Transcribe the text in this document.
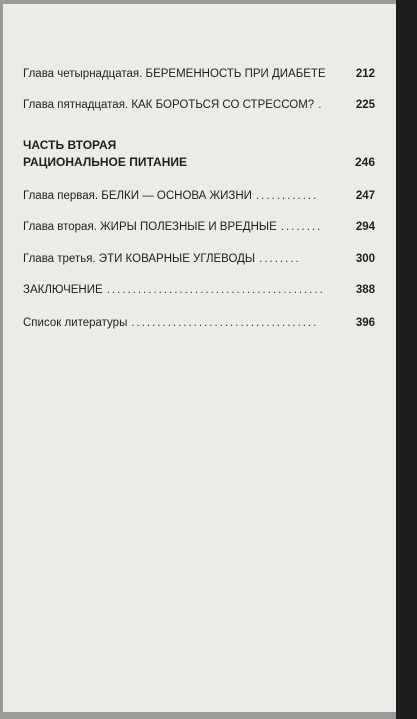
Глава четырнадцатая. БЕРЕМЕННОСТЬ ПРИ ДИАБЕТЕ	212
Глава пятнадцатая. КАК БОРОТЬСЯ СО СТРЕССОМ? .	225
ЧАСТЬ ВТОРАЯ
РАЦИОНАЛЬНОЕ ПИТАНИЕ	246
Глава первая. БЕЛКИ — ОСНОВА ЖИЗНИ ............	247
Глава вторая. ЖИРЫ ПОЛЕЗНЫЕ И ВРЕДНЫЕ ........	294
Глава третья. ЭТИ КОВАРНЫЕ УГЛЕВОДЫ ........	300
ЗАКЛЮЧЕНИЕ ..........................................	388
Список литературы ....................................	396
